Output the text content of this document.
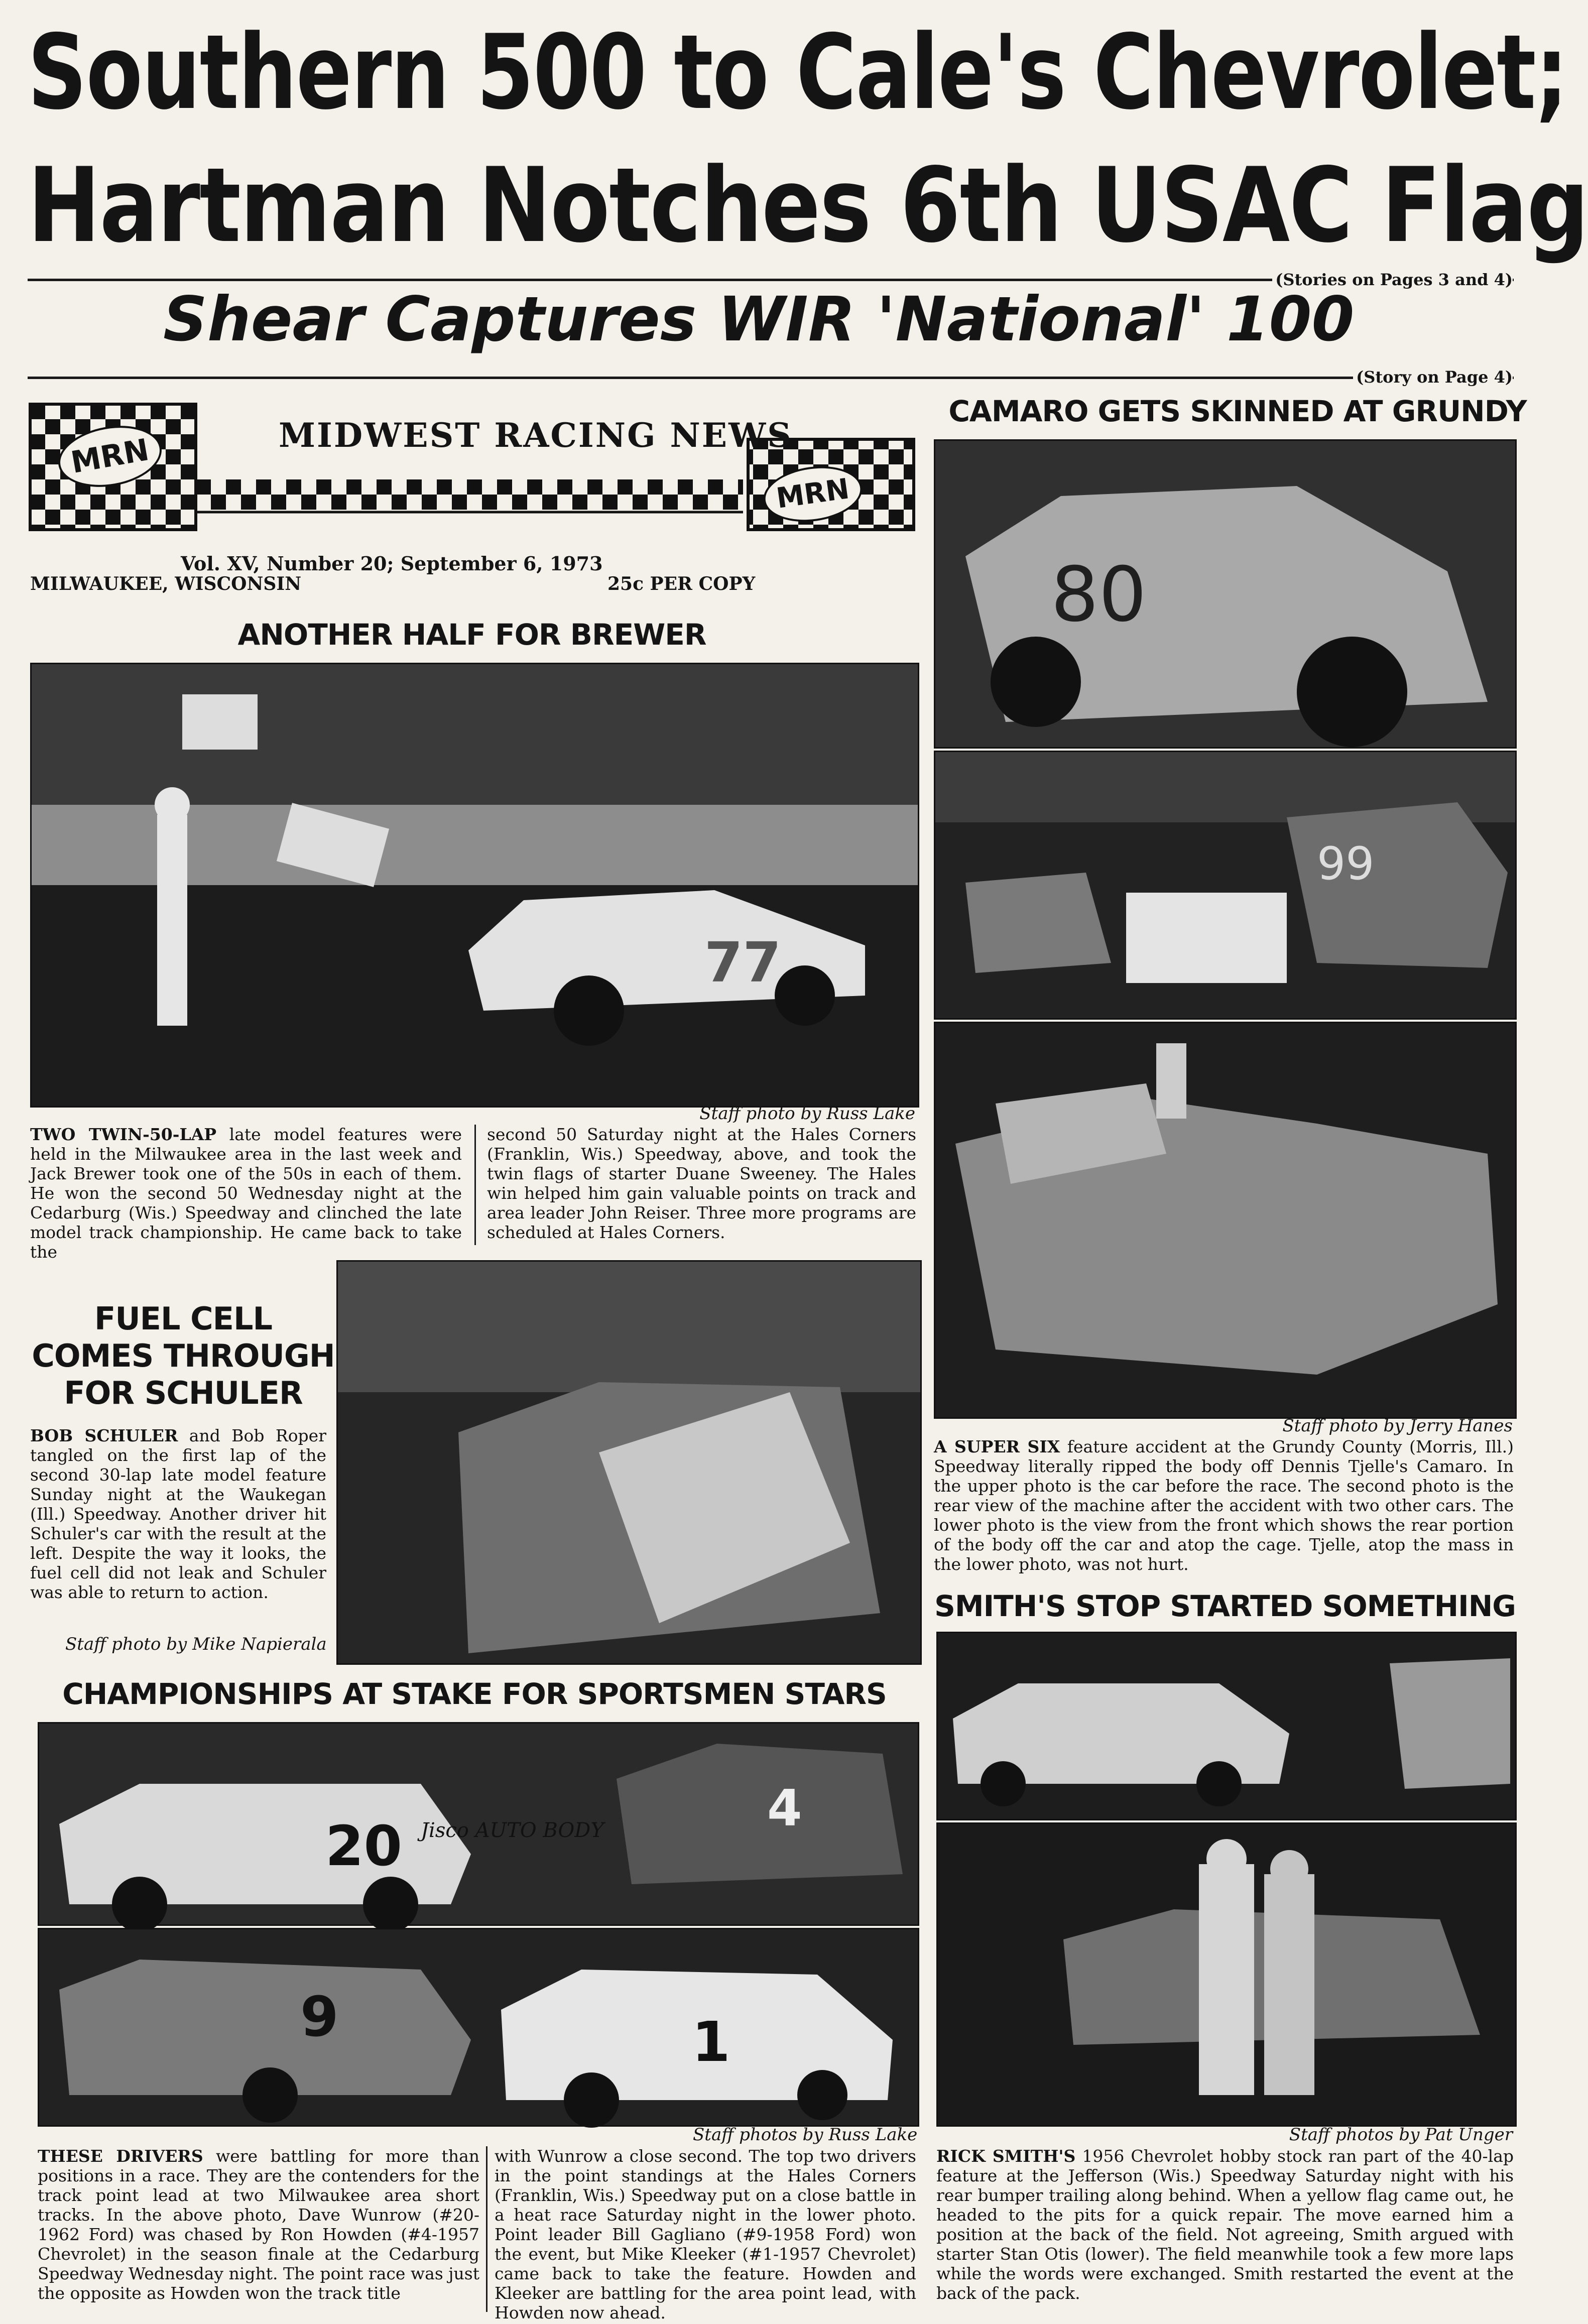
Southern 500 to Cale's Chevrolet;
Hartman Notches 6th USAC Flag
(Stories on Pages 3 and 4)
Shear Captures WIR 'National' 100
(Story on Page 4)
MRN
MRN
MIDWEST RACING NEWS
Vol. XV, Number 20; September 6, 1973
MILWAUKEE, WISCONSIN	25c PER COPY
ANOTHER HALF FOR BREWER
77
Staff photo by Russ Lake
TWO TWIN-50-LAP late model features were held in the Milwaukee area in the last week and Jack Brewer took one of the 50s in each of them. He won the second 50 Wednesday night at the Cedarburg (Wis.) Speedway and clinched the late model track championship. He came back to take the
second 50 Saturday night at the Hales Corners (Franklin, Wis.) Speedway, above, and took the twin flags of starter Duane Sweeney. The Hales win helped him gain valuable points on track and area leader John Reiser. Three more programs are scheduled at Hales Corners.
CAMARO GETS SKINNED AT GRUNDY
80
99
Staff photo by Jerry Hanes
A SUPER SIX feature accident at the Grundy County (Morris, Ill.) Speedway literally ripped the body off Dennis Tjelle's Camaro. In the upper photo is the car before the race. The second photo is the rear view of the machine after the accident with two other cars. The lower photo is the view from the front which shows the rear portion of the body off the car and atop the cage. Tjelle, atop the mass in the lower photo, was not hurt.
FUEL CELL
COMES THROUGH
FOR SCHULER
BOB SCHULER and Bob Roper tangled on the first lap of the second 30-lap late model feature Sunday night at the Waukegan (Ill.) Speedway. Another driver hit Schuler's car with the result at the left. Despite the way it looks, the fuel cell did not leak and Schuler was able to return to action.
Staff photo by Mike Napierala
CHAMPIONSHIPS AT STAKE FOR SPORTSMEN STARS
20 Jisco AUTO BODY	4
9	1
Staff photos by Russ Lake
THESE DRIVERS were battling for more than positions in a race. They are the contenders for the track point lead at two Milwaukee area short tracks. In the above photo, Dave Wunrow (#20-1962 Ford) was chased by Ron Howden (#4-1957 Chevrolet) in the season finale at the Cedarburg Speedway Wednesday night. The point race was just the opposite as Howden won the track title
with Wunrow a close second. The top two drivers in the point standings at the Hales Corners (Franklin, Wis.) Speedway put on a close battle in a heat race Saturday night in the lower photo. Point leader Bill Gagliano (#9-1958 Ford) won the event, but Mike Kleeker (#1-1957 Chevrolet) came back to take the feature. Howden and Kleeker are battling for the area point lead, with Howden now ahead.
SMITH'S STOP STARTED SOMETHING
Staff photos by Pat Unger
RICK SMITH'S 1956 Chevrolet hobby stock ran part of the 40-lap feature at the Jefferson (Wis.) Speedway Saturday night with his rear bumper trailing along behind. When a yellow flag came out, he headed to the pits for a quick repair. The move earned him a position at the back of the field. Not agreeing, Smith argued with starter Stan Otis (lower). The field meanwhile took a few more laps while the words were exchanged. Smith restarted the event at the back of the pack.
